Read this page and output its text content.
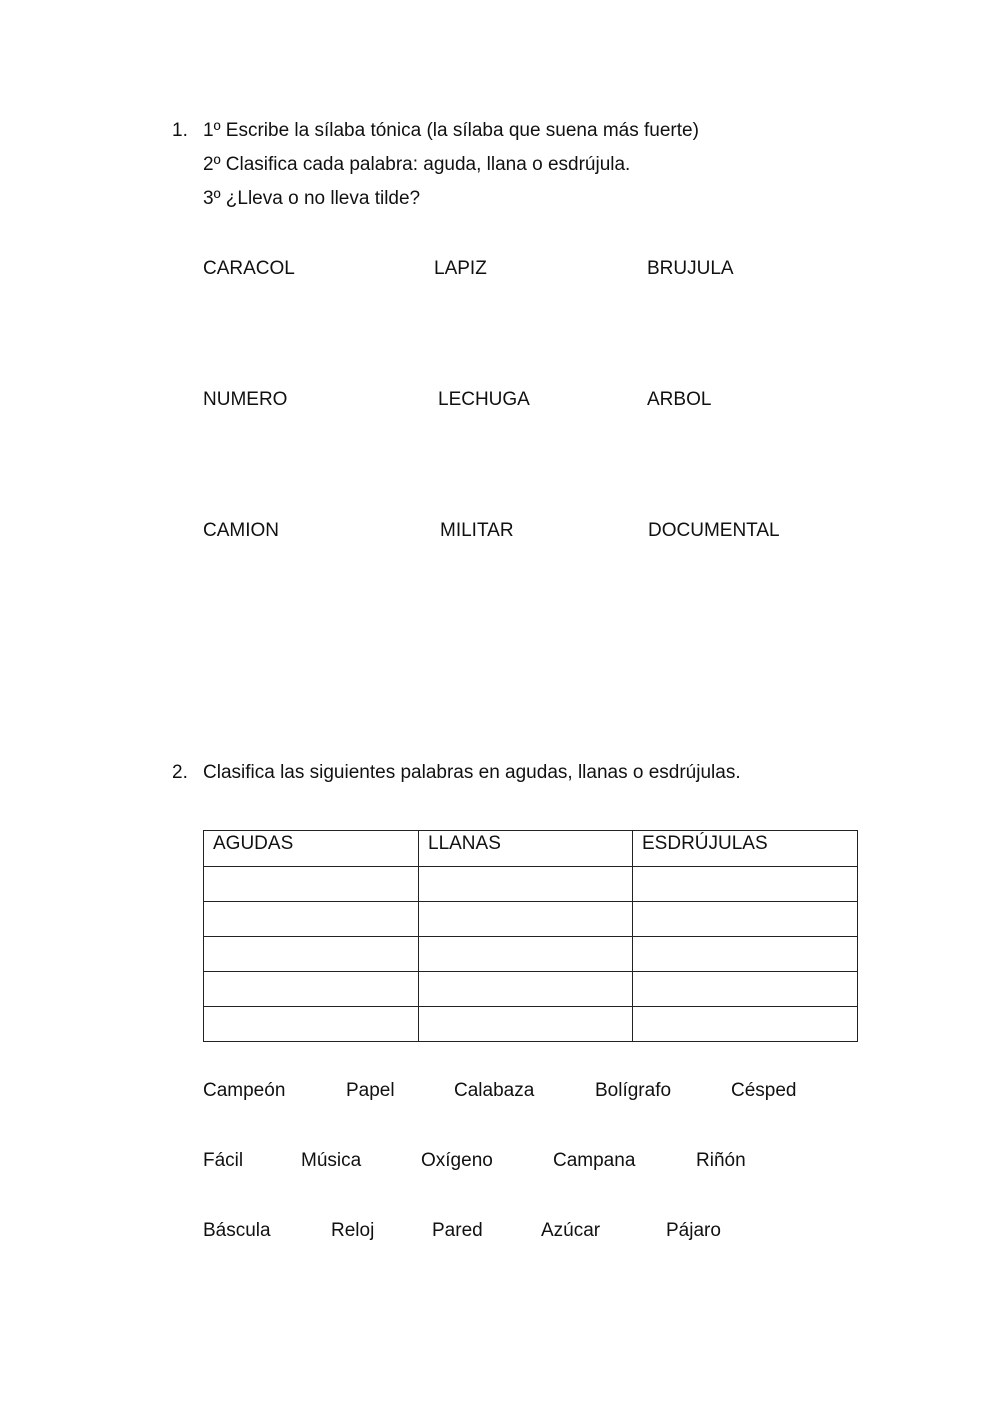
1. 1º Escribe la sílaba tónica (la sílaba que suena más fuerte)
2º Clasifica cada palabra: aguda, llana o esdrújula.
3º ¿Lleva o no lleva tilde?
CARACOL	LAPIZ	BRUJULA
NUMERO	LECHUGA	ARBOL
CAMION	MILITAR	DOCUMENTAL
2. Clasifica las siguientes palabras en agudas, llanas o esdrújulas.
AGUDAS	LLANAS	ESDRÚJULAS

Campeón	Papel	Calabaza	Bolígrafo	Césped
Fácil	Música	Oxígeno	Campana	Riñón
Báscula	Reloj	Pared	Azúcar	Pájaro
